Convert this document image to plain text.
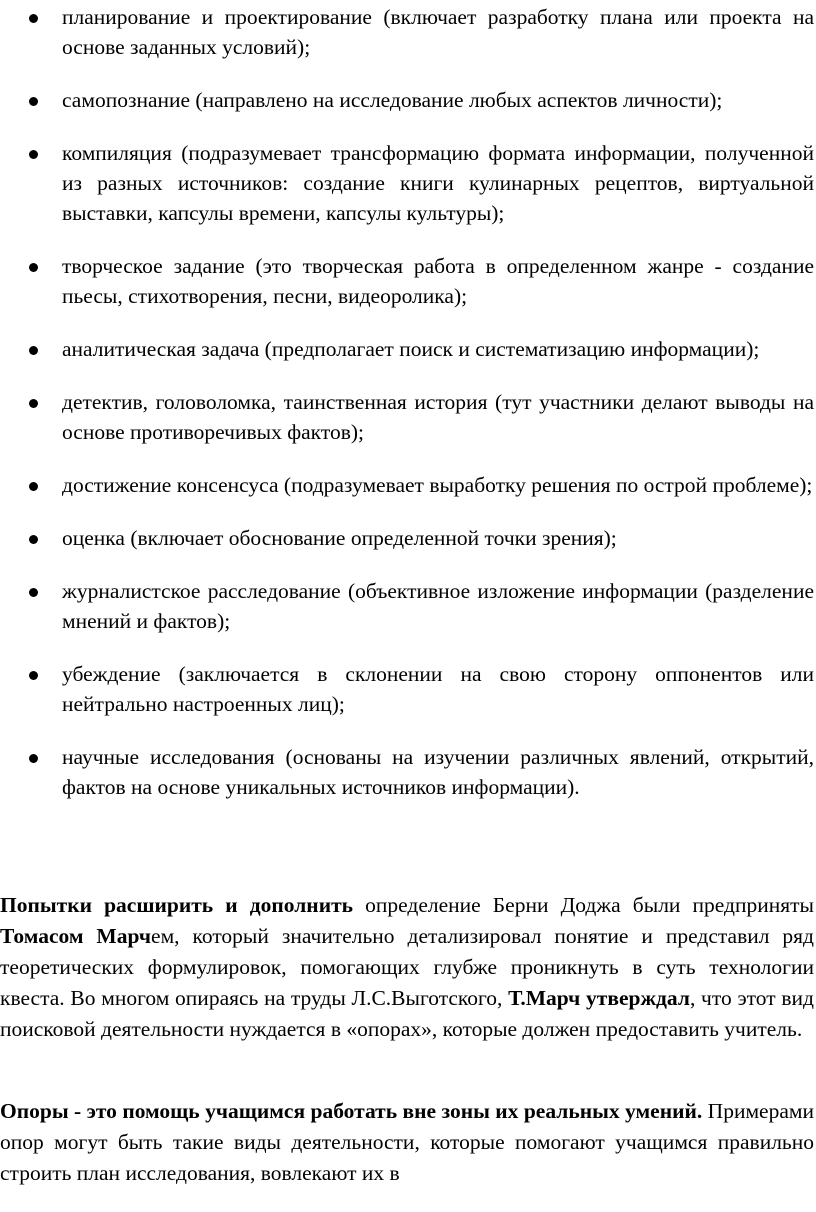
планирование и проектирование (включает разработку плана или проекта на основе заданных условий);
самопознание (направлено на исследование любых аспектов личности);
компиляция (подразумевает трансформацию формата информации, полученной из разных источников: создание книги кулинарных рецептов, виртуальной выставки, капсулы времени, капсулы культуры);
творческое задание (это творческая работа в определенном жанре - создание пьесы, стихотворения, песни, видеоролика);
аналитическая задача (предполагает поиск и систематизацию информации);
детектив, головоломка, таинственная история (тут участники делают выводы на основе противоречивых фактов);
достижение консенсуса (подразумевает выработку решения по острой проблеме);
оценка (включает обоснование определенной точки зрения);
журналистское расследование (объективное изложение информации (разделение мнений и фактов);
убеждение (заключается в склонении на свою сторону оппонентов или нейтрально настроенных лиц);
научные исследования (основаны на изучении различных явлений, открытий, фактов на основе уникальных источников информации).

Попытки расширить и дополнить определение Берни Доджа были предприняты Томасом Марчем, который значительно детализировал понятие и представил ряд теоретических формулировок, помогающих глубже проникнуть в суть технологии квеста. Во многом опираясь на труды Л.С.Выготского, Т.Марч утверждал, что этот вид поисковой деятельности нуждается в «опорах», которые должен предоставить учитель.

Опоры - это помощь учащимся работать вне зоны их реальных умений. Примерами опор могут быть такие виды деятельности, которые помогают учащимся правильно строить план исследования, вовлекают их в
